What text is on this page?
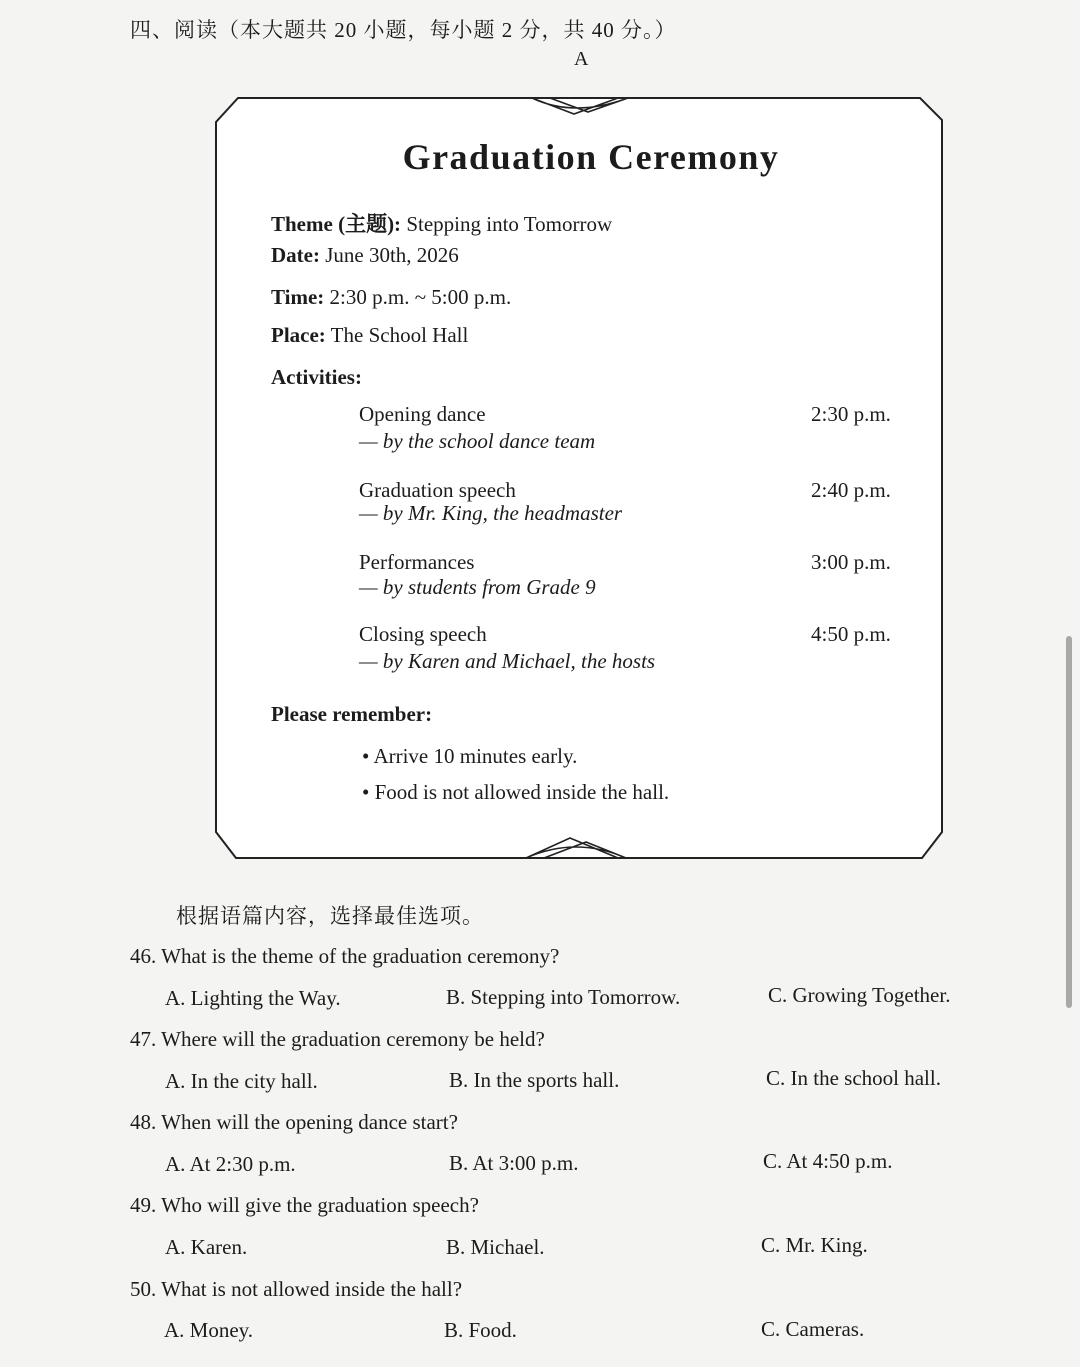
四、阅读（本大题共 20 小题，每小题 2 分，共 40 分。）
A
Graduation Ceremony
Theme (主题): Stepping into Tomorrow
Date: June 30th, 2026
Time: 2:30 p.m. ~ 5:00 p.m.
Place: The School Hall
Activities:
Opening dance
— by the school dance team
2:30 p.m.
Graduation speech
— by Mr. King, the headmaster
2:40 p.m.
Performances
— by students from Grade 9
3:00 p.m.
Closing speech
— by Karen and Michael, the hosts
4:50 p.m.
Please remember:
• Arrive 10 minutes early.
• Food is not allowed inside the hall.
根据语篇内容，选择最佳选项。
46. What is the theme of the graduation ceremony?
A. Lighting the Way.	B. Stepping into Tomorrow.	C. Growing Together.
47. Where will the graduation ceremony be held?
A. In the city hall.	B. In the sports hall.	C. In the school hall.
48. When will the opening dance start?
A. At 2:30 p.m.	B. At 3:00 p.m.	C. At 4:50 p.m.
49. Who will give the graduation speech?
A. Karen.	B. Michael.	C. Mr. King.
50. What is not allowed inside the hall?
A. Money.	B. Food.	C. Cameras.
